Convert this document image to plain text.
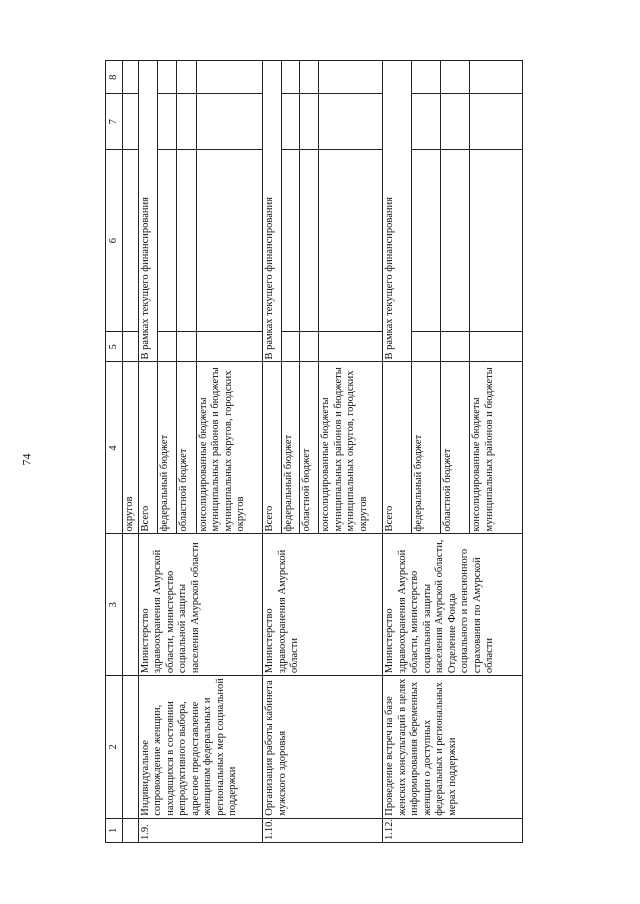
74
1	2	3	4	5	6	7	8
			округов				
1.9.	Индивидуальное сопровождение женщин, находящихся в состоянии репродуктивного выбора, адресное предоставление женщинам федеральных и региональных мер социальной поддержки	Министерство здравоохранения Амурской области, министерство социальной защиты населения Амурской области	Всего	В рамках текущего финансирования			
			федеральный бюджет				
			областной бюджет				
			консолидированные бюджеты муниципальных районов и бюджеты муниципальных округов, городских округов				
1.10.	Организация работы кабинета мужского здоровья	Министерство здравоохранения Амурской области	Всего	В рамках текущего финансирования			
			федеральный бюджет				
			областной бюджет				
			консолидированные бюджеты муниципальных районов и бюджеты муниципальных округов, городских округов				
1.12.	Проведение встреч на базе женских консультаций в целях информирования беременных женщин о доступных федеральных и региональных мерах поддержки	Министерство здравоохранения Амурской области, министерство социальной защиты населения Амурской области, Отделение Фонда социального и пенсионного страхования по Амурской области	Всего	В рамках текущего финансирования			
			федеральный бюджет				
			областной бюджет				
			консолидированные бюджеты муниципальных районов и бюджеты				
